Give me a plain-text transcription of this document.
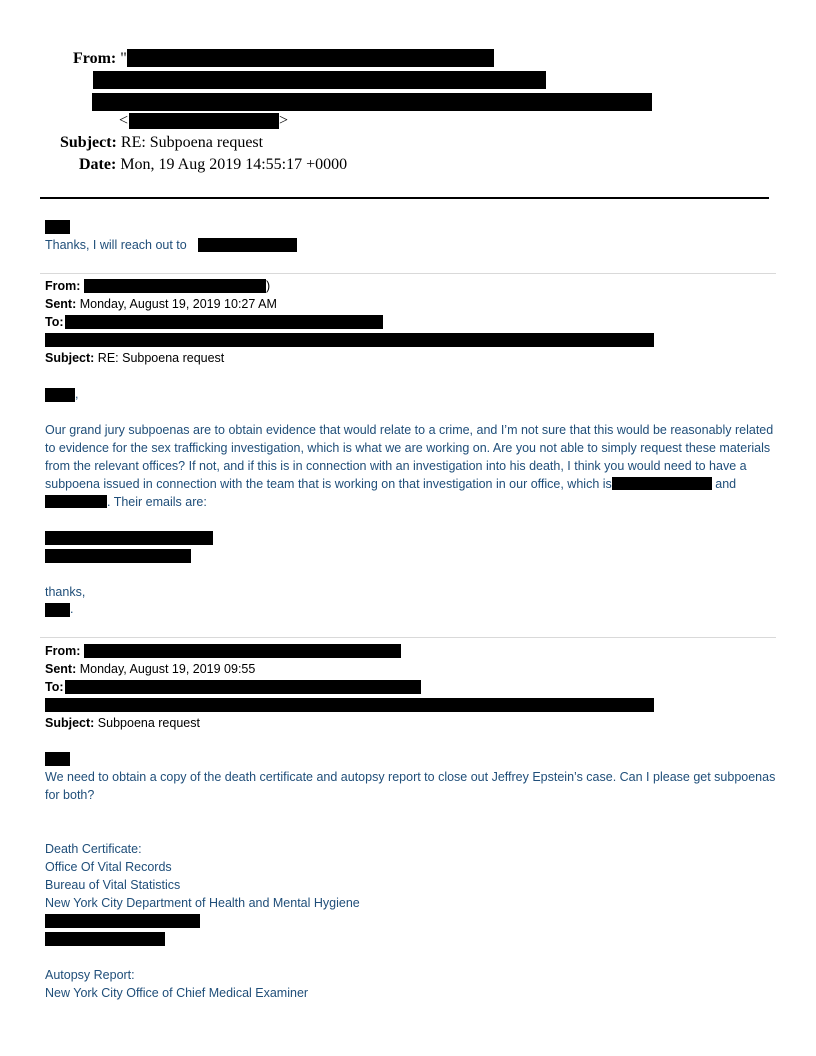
From: "
<	>
Subject: RE: Subpoena request
Date: Mon, 19 Aug 2019 14:55:17 +0000
Thanks, I will reach out to
From:	)
Sent: Monday, August 19, 2019 10:27 AM
To:
Subject: RE: Subpoena request
,
Our grand jury subpoenas are to obtain evidence that would relate to a crime, and I’m not sure that this would be reasonably related to evidence for the sex trafficking investigation, which is what we are working on. Are you not able to simply request these materials from the relevant offices? If not, and if this is in connection with an investigation into his death, I think you would need to have a subpoena issued in connection with the team that is working on that investigation in our office, which is	and. Their emails are:
thanks,
.
From:
Sent: Monday, August 19, 2019 09:55
To:
Subject: Subpoena request
We need to obtain a copy of the death certificate and autopsy report to close out Jeffrey Epstein’s case. Can I please get subpoenas for both?
Death Certificate:
Office Of Vital Records
Bureau of Vital Statistics
New York City Department of Health and Mental Hygiene
Autopsy Report:
New York City Office of Chief Medical Examiner
